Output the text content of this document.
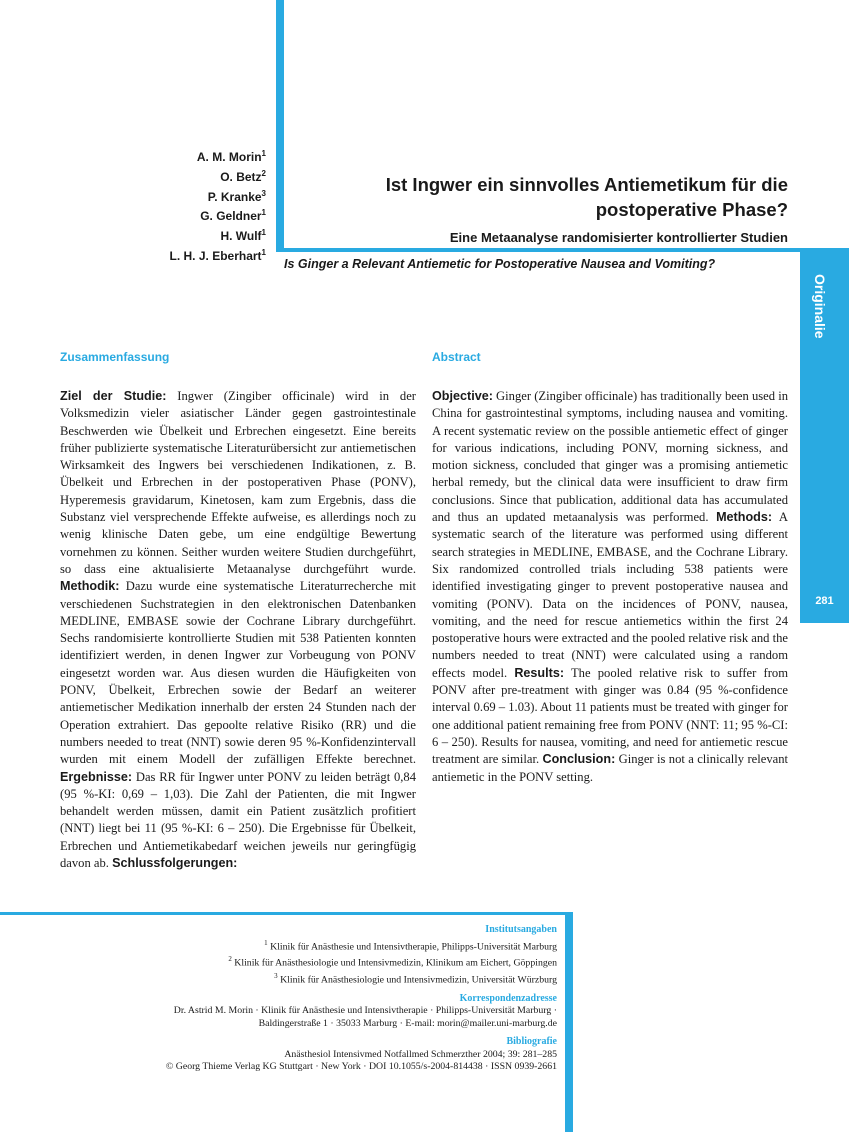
Originalie
281
A. M. Morin$^1$
O. Betz$^2$
P. Kranke$^3$
G. Geldner$^1$
H. Wulf$^1$
L. H. J. Eberhart$^1$
Ist Ingwer ein sinnvolles Antiemetikum für die
postoperative Phase?
Eine Metaanalyse randomisierter kontrollierter Studien
Is Ginger a Relevant Antiemetic for Postoperative Nausea and Vomiting?
Zusammenfassung

Ziel der Studie: Ingwer (Zingiber officinale) wird in der Volksmedizin vieler asiatischer Länder gegen gastrointestinale Beschwerden wie Übelkeit und Erbrechen eingesetzt. Eine bereits früher publizierte systematische Literaturübersicht zur antiemetischen Wirksamkeit des Ingwers bei verschiedenen Indikationen, z. B. Übelkeit und Erbrechen in der postoperativen Phase (PONV), Hyperemesis gravidarum, Kinetosen, kam zum Ergebnis, dass die Substanz viel versprechende Effekte aufweise, es allerdings noch zu wenig klinische Daten gebe, um eine endgültige Bewertung vornehmen zu können. Seither wurden weitere Studien durchgeführt, so dass eine aktualisierte Metaanalyse durchgeführt wurde. Methodik: Dazu wurde eine systematische Literaturrecherche mit verschiedenen Suchstrategien in den elektronischen Datenbanken MEDLINE, EMBASE sowie der Cochrane Library durchgeführt. Sechs randomisierte kontrollierte Studien mit 538 Patienten konnten identifiziert werden, in denen Ingwer zur Vorbeugung von PONV eingesetzt worden war. Aus diesen wurden die Häufigkeiten von PONV, Übelkeit, Erbrechen sowie der Bedarf an weiterer antiemetischer Medikation innerhalb der ersten 24 Stunden nach der Operation extrahiert. Das gepoolte relative Risiko (RR) und die numbers needed to treat (NNT) sowie deren 95 %-Konfidenzintervall wurden mit einem Modell der zufälligen Effekte berechnet. Ergebnisse: Das RR für Ingwer unter PONV zu leiden beträgt 0,84 (95 %-KI: 0,69 – 1,03). Die Zahl der Patienten, die mit Ingwer behandelt werden müssen, damit ein Patient zusätzlich profitiert (NNT) liegt bei 11 (95 %-KI: 6 – 250). Die Ergebnisse für Übelkeit, Erbrechen und Antiemetikabedarf weichen jeweils nur geringfügig davon ab. Schlussfolgerungen:

Abstract

Objective: Ginger (Zingiber officinale) has traditionally been used in China for gastrointestinal symptoms, including nausea and vomiting. A recent systematic review on the possible antiemetic effect of ginger for various indications, including PONV, morning sickness, and motion sickness, concluded that ginger was a promising antiemetic herbal remedy, but the clinical data were insufficient to draw firm conclusions. Since that publication, additional data has accumulated and thus an updated metaanalysis was performed. Methods: A systematic search of the literature was performed using different search strategies in MEDLINE, EMBASE, and the Cochrane Library. Six randomized controlled trials including 538 patients were identified investigating ginger to prevent postoperative nausea and vomiting (PONV). Data on the incidences of PONV, nausea, vomiting, and the need for rescue antiemetics within the first 24 postoperative hours were extracted and the pooled relative risk and the numbers needed to treat (NNT) were calculated using a random effects model. Results: The pooled relative risk to suffer from PONV after pre-treatment with ginger was 0.84 (95 %-confidence interval 0.69 – 1.03). About 11 patients must be treated with ginger for one additional patient remaining free from PONV (NNT: 11; 95 %-CI: 6 – 250). Results for nausea, vomiting, and need for antiemetic rescue treatment are similar. Conclusion: Ginger is not a clinically relevant antiemetic in the PONV setting.

Institutsangaben
$^1$ Klinik für Anästhesie und Intensivtherapie, Philipps-Universität Marburg
$^2$ Klinik für Anästhesiologie und Intensivmedizin, Klinikum am Eichert, Göppingen
$^3$ Klinik für Anästhesiologie und Intensivmedizin, Universität Würzburg
Korrespondenzadresse
Dr. Astrid M. Morin · Klinik für Anästhesie und Intensivtherapie · Philipps-Universität Marburg ·
Baldingerstraße 1 · 35033 Marburg · E-mail: morin@mailer.uni-marburg.de
Bibliografie
Anästhesiol Intensivmed Notfallmed Schmerzther 2004; 39: 281–285
© Georg Thieme Verlag KG Stuttgart · New York · DOI 10.1055/s-2004-814438 · ISSN 0939-2661
